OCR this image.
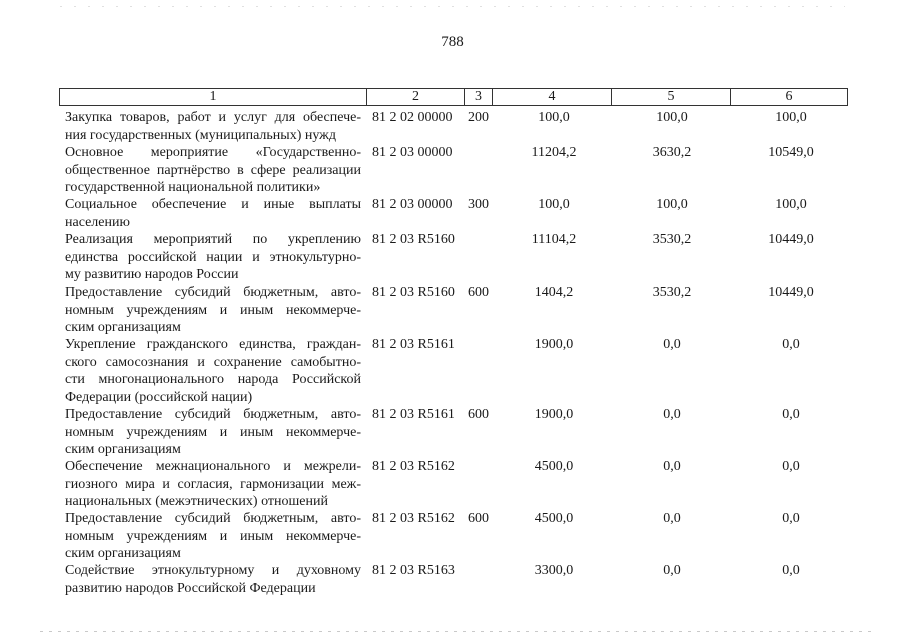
788
1	2	3	4	5	6
Закупка товаров, работ и услуг для обеспече-
ния государственных (муниципальных) нужд
81 2 02 00000 200	100,0	100,0	100,0
Основное мероприятие «Государственно-
общественное партнёрство в сфере реализации
государственной национальной политики»
81 2 03 00000	11204,2	3630,2	10549,0
Социальное обеспечение и иные выплаты
населению
81 2 03 00000 300	100,0	100,0	100,0
Реализация мероприятий по укреплению
единства российской нации и этнокультурно-
му развитию народов России
81 2 03 R5160	11104,2	3530,2	10449,0
Предоставление субсидий бюджетным, авто-
номным учреждениям и иным некоммерче-
ским организациям
81 2 03 R5160 600	1404,2	3530,2	10449,0
Укрепление гражданского единства, граждан-
ского самосознания и сохранение самобытно-
сти многонационального народа Российской
Федерации (российской нации)
81 2 03 R5161	1900,0	0,0	0,0
Предоставление субсидий бюджетным, авто-
номным учреждениям и иным некоммерче-
ским организациям
81 2 03 R5161 600	1900,0	0,0	0,0
Обеспечение межнационального и межрели-
гиозного мира и согласия, гармонизации меж-
национальных (межэтнических) отношений
81 2 03 R5162	4500,0	0,0	0,0
Предоставление субсидий бюджетным, авто-
номным учреждениям и иным некоммерче-
ским организациям
81 2 03 R5162 600	4500,0	0,0	0,0
Содействие этнокультурному и духовному
развитию народов Российской Федерации
81 2 03 R5163	3300,0	0,0	0,0
